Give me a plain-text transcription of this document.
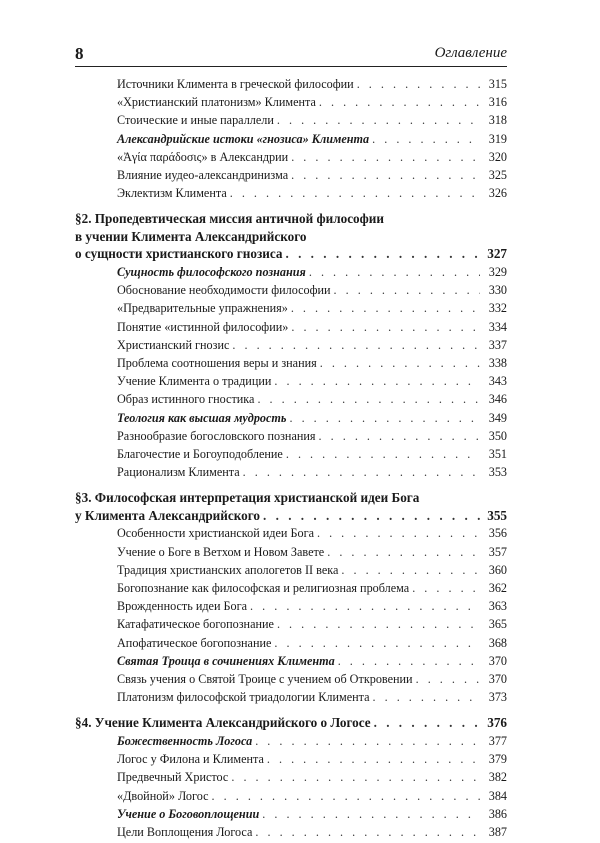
8	Оглавление
Источники Климента в греческой философии . . .	315
«Христианский платонизм» Климента . . .	316
Стоические и иные параллели . . .	318
Александрийские истоки «гнозиса» Климента . . .	319
«Ἀγία παράδοσις» в Александрии . . .	320
Влияние иудео-александринизма . . .	325
Эклектизм Климента . . .	326
§2. Пропедевтическая миссия античной философии
в учении Климента Александрийского
о сущности христианского гнозиса . . .	327
Сущность философского познания . . .	329
Обоснование необходимости философии . . .	330
«Предварительные упражнения» . . .	332
Понятие «истинной философии» . . .	334
Христианский гнозис . . .	337
Проблема соотношения веры и знания . . .	338
Учение Климента о традиции . . .	343
Образ истинного гностика . . .	346
Теология как высшая мудрость . . .	349
Разнообразие богословского познания . . .	350
Благочестие и Богоуподобление . . .	351
Рационализм Климента . . .	353
§3. Философская интерпретация христианской идеи Бога
у Климента Александрийского . . .	355
Особенности христианской идеи Бога . . .	356
Учение о Боге в Ветхом и Новом Завете . . .	357
Традиция христианских апологетов II века . . .	360
Богопознание как философская и религиозная проблема . . .	362
Врожденность идеи Бога . . .	363
Катафатическое богопознание . . .	365
Апофатическое богопознание . . .	368
Святая Троица в сочинениях Климента . . .	370
Связь учения о Святой Троице с учением об Откровении . . .	370
Платонизм философской триадологии Климента . . .	373
§4. Учение Климента Александрийского о Логосе . . .	376
Божественность Логоса . . .	377
Логос у Филона и Климента . . .	379
Предвечный Христос . . .	382
«Двойной» Логос . . .	384
Учение о Боговоплощении . . .	386
Цели Воплощения Логоса . . .	387
